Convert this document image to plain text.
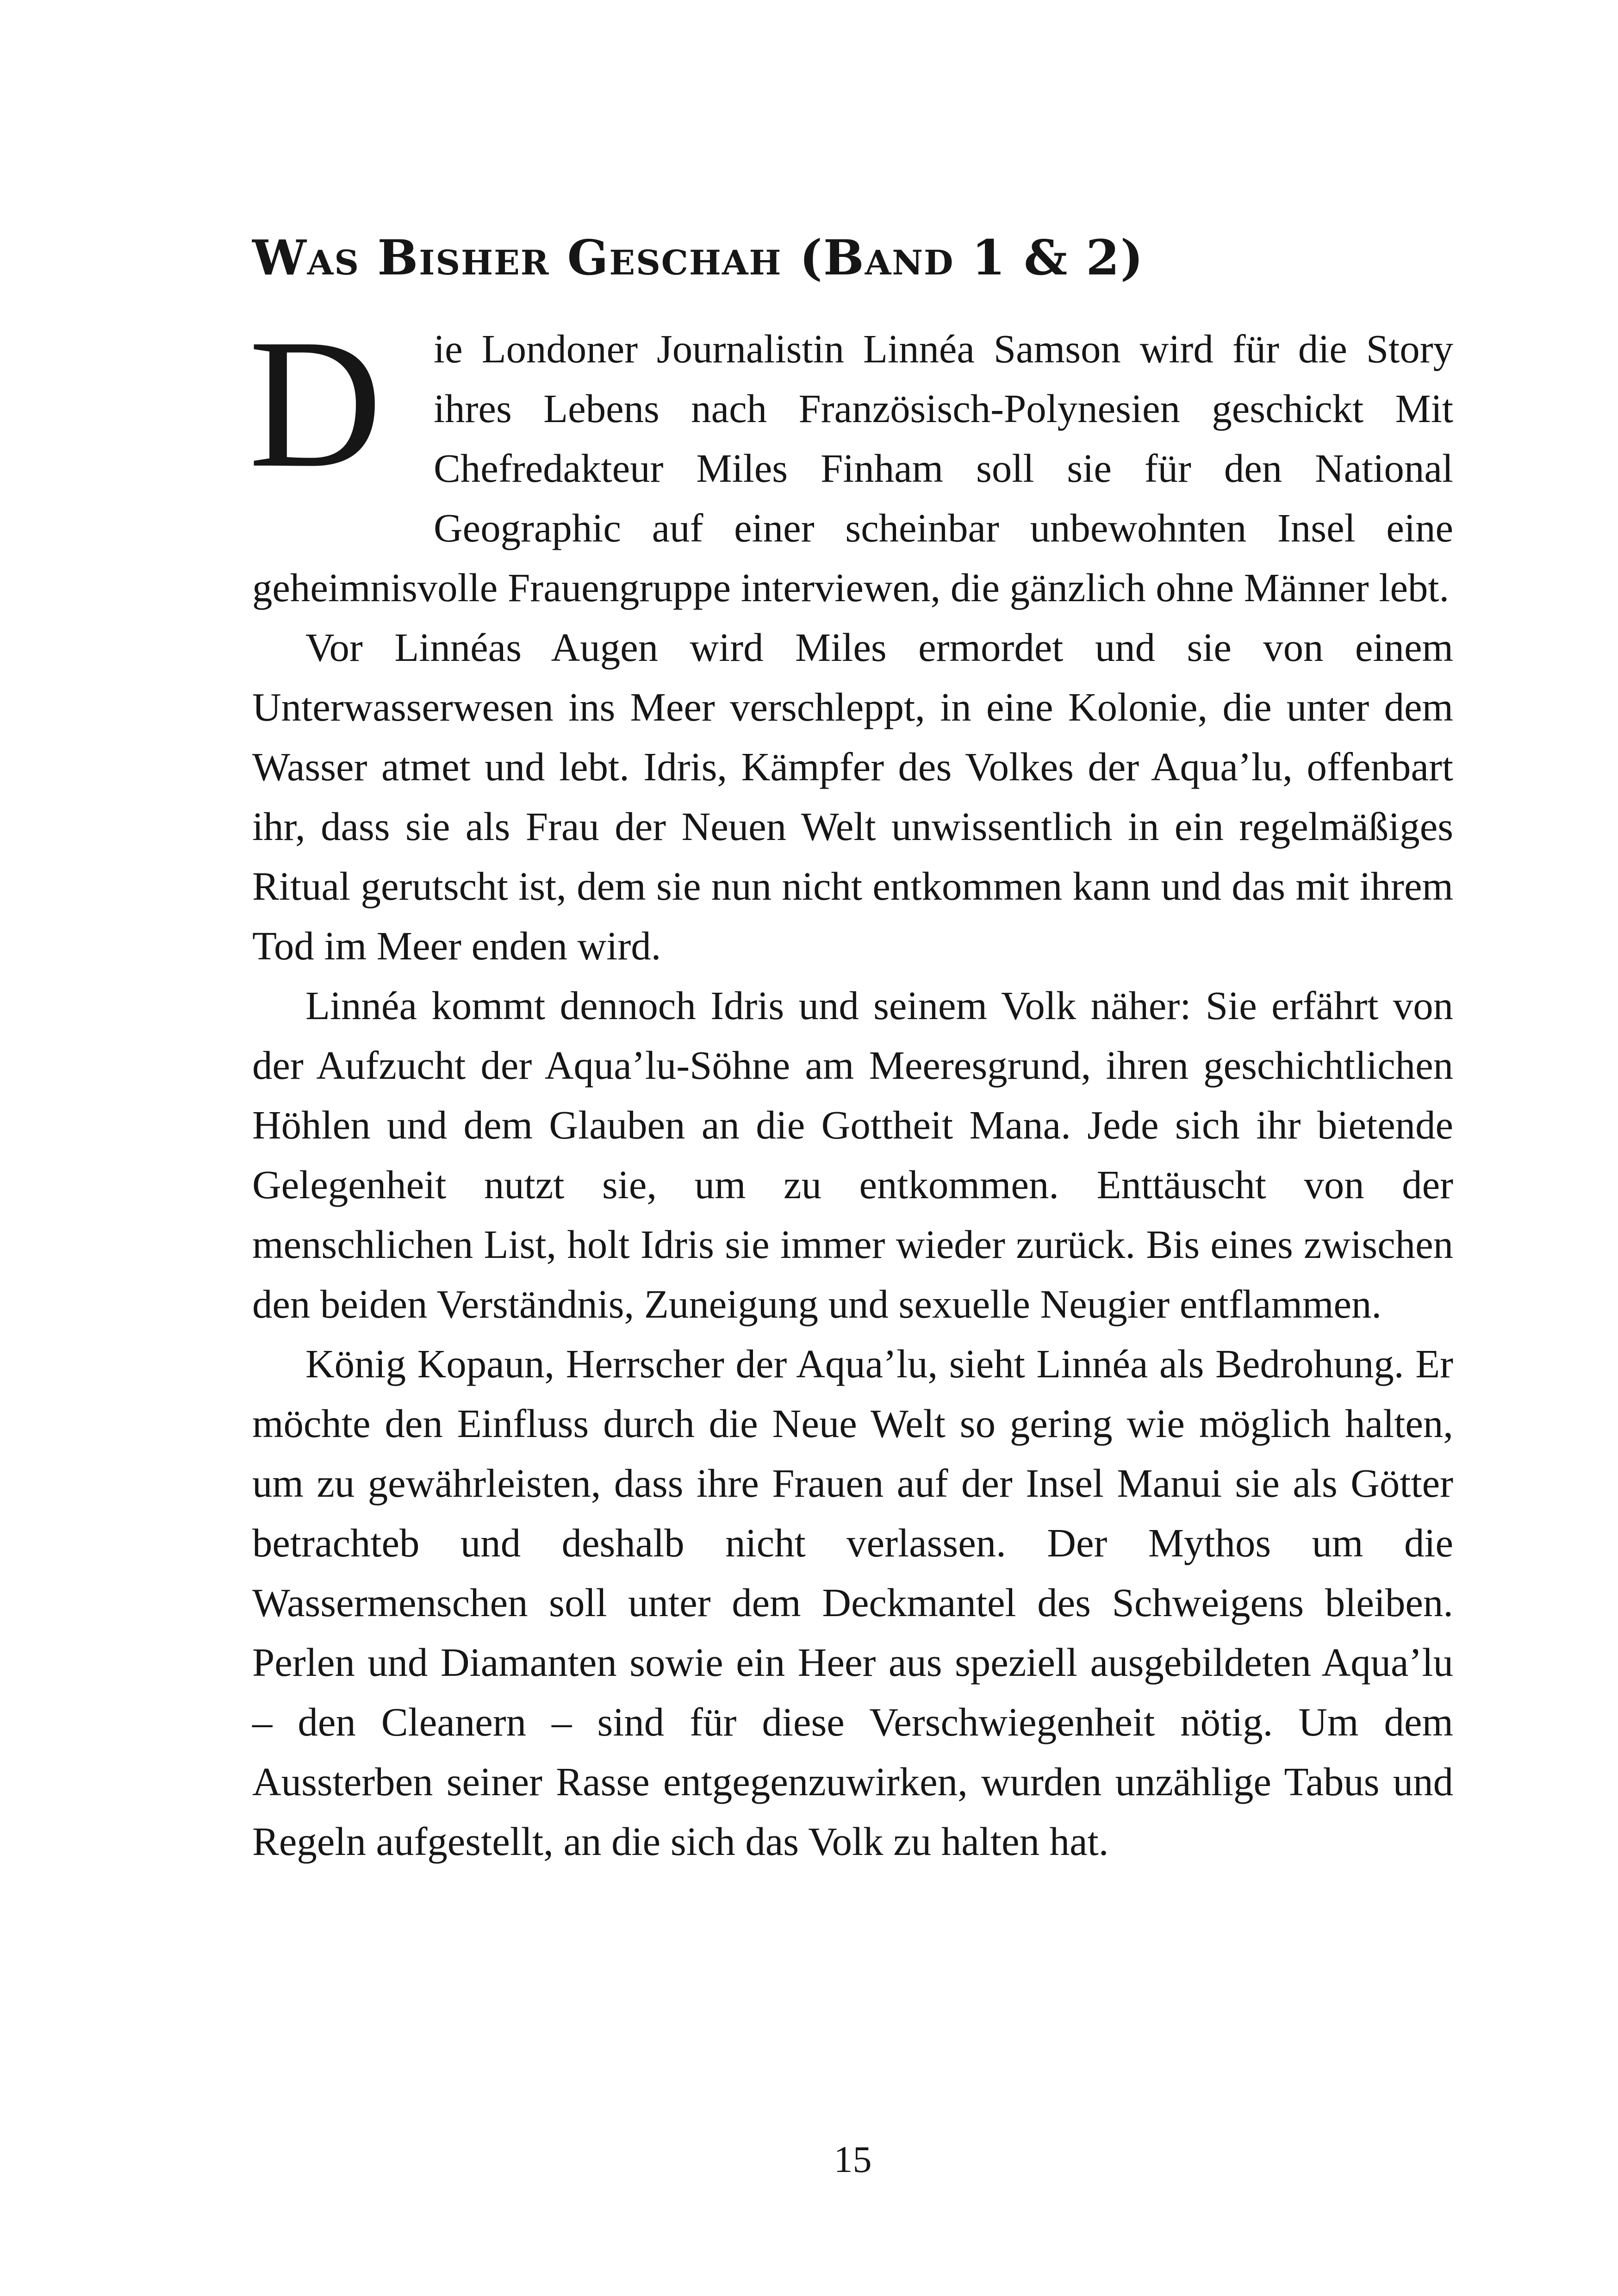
Was Bisher Geschah (Band 1 & 2)

D	ie Londoner Journalistin Linnéa Samson wird für die Story ihres Lebens nach Französisch-Polynesien geschickt Mit Chefredakteur Miles Finham soll sie für den National Geographic auf einer scheinbar unbewohnten Insel eine geheimnisvolle Frauengruppe interviewen, die gänzlich ohne Männer lebt.

Vor Linnéas Augen wird Miles ermordet und sie von einem Unterwasserwesen ins Meer verschleppt, in eine Kolonie, die unter dem Wasser atmet und lebt. Idris, Kämpfer des Volkes der Aqua’lu, offenbart ihr, dass sie als Frau der Neuen Welt unwissentlich in ein regelmäßiges Ritual gerutscht ist, dem sie nun nicht entkommen kann und das mit ihrem Tod im Meer enden wird.

Linnéa kommt dennoch Idris und seinem Volk näher: Sie erfährt von der Aufzucht der Aqua’lu-Söhne am Meeresgrund, ihren geschichtlichen Höhlen und dem Glauben an die Gottheit Mana. Jede sich ihr bietende Gelegenheit nutzt sie, um zu entkommen. Enttäuscht von der menschlichen List, holt Idris sie immer wieder zurück. Bis eines zwischen den beiden Verständnis, Zuneigung und sexuelle Neugier entflammen.

König Kopaun, Herrscher der Aqua’lu, sieht Linnéa als Bedrohung. Er möchte den Einfluss durch die Neue Welt so gering wie möglich halten, um zu gewährleisten, dass ihre Frauen auf der Insel Manui sie als Götter betrachteb und deshalb nicht verlassen. Der Mythos um die Wassermenschen soll unter dem Deckmantel des Schweigens bleiben. Perlen und Diamanten sowie ein Heer aus speziell ausgebildeten Aqua’lu – den Cleanern – sind für diese Verschwiegenheit nötig. Um dem Aussterben seiner Rasse entgegenzuwirken, wurden unzählige Tabus und Regeln aufgestellt, an die sich das Volk zu halten hat.

15
